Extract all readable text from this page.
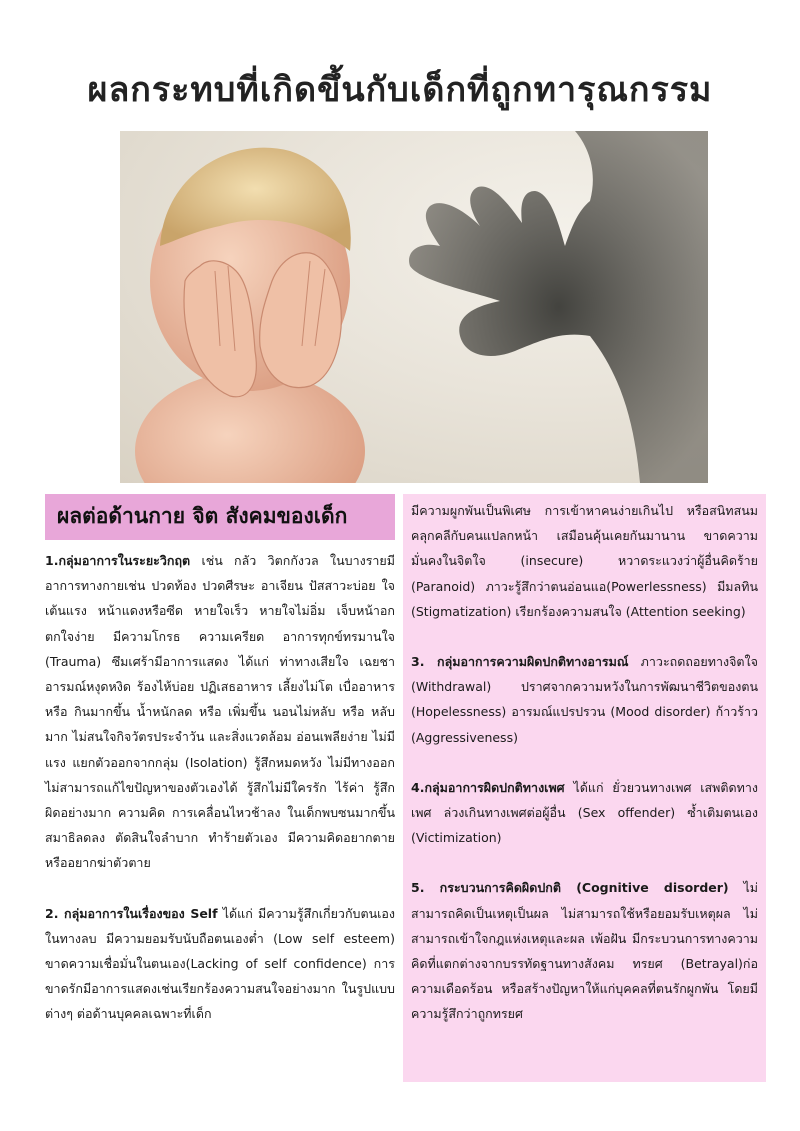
ผลกระทบที่เกิดขึ้นกับเด็กที่ถูกทารุณกรรม
ผลต่อด้านกาย จิต สังคมของเด็ก

1.กลุ่มอาการในระยะวิกฤต เช่น กลัว วิตกกังวล ในบางรายมีอาการทางกายเช่น ปวดท้อง ปวดศีรษะ อาเจียน ปัสสาวะบ่อย ใจเต้นแรง หน้าแดงหรือซีด หายใจเร็ว หายใจไม่อิ่ม เจ็บหน้าอก ตกใจง่าย มีความโกรธ ความเครียด อาการทุกข์ทรมานใจ (Trauma) ซึมเศร้ามีอาการแสดง ได้แก่ ท่าทางเสียใจ เฉยชา อารมณ์หงุดหงิด ร้องไห้บ่อย ปฏิเสธอาหาร เลี้ยงไม่โต เบื่ออาหาร หรือ กินมากขึ้น น้ำหนักลด หรือ เพิ่มขึ้น นอนไม่หลับ หรือ หลับมาก ไม่สนใจกิจวัตรประจำวัน และสิ่งแวดล้อม อ่อนเพลียง่าย ไม่มีแรง แยกตัวออกจากกลุ่ม (Isolation) รู้สึกหมดหวัง ไม่มีทางออก ไม่สามารถแก้ไขปัญหาของตัวเองได้ รู้สึกไม่มีใครรัก ไร้ค่า รู้สึกผิดอย่างมาก ความคิด การเคลื่อนไหวช้าลง ในเด็กพบซนมากขึ้น สมาธิลดลง ตัดสินใจลำบาก ทำร้ายตัวเอง มีความคิดอยากตาย หรืออยากฆ่าตัวตาย

2. กลุ่มอาการในเรื่องของ Self ได้แก่ มีความรู้สึกเกี่ยวกับตนเองในทางลบ มีความยอมรับนับถือตนเองต่ำ (Low self esteem) ขาดความเชื่อมั่นในตนเอง(Lacking of self confidence) การขาดรักมีอาการแสดงเช่นเรียกร้องความสนใจอย่างมาก ในรูปแบบต่างๆ ต่อด้านบุคคลเฉพาะที่เด็ก

มีความผูกพันเป็นพิเศษ การเข้าหาคนง่ายเกินไป หรือสนิทสนมคลุกคลีกับคนแปลกหน้า เสมือนคุ้นเคยกันมานาน ขาดความมั่นคงในจิตใจ (insecure) หวาดระแวงว่าผู้อื่นคิดร้าย (Paranoid) ภาวะรู้สึกว่าตนอ่อนแอ(Powerlessness) มีมลทิน (Stigmatization) เรียกร้องความสนใจ (Attention seeking)

3. กลุ่มอาการความผิดปกติทางอารมณ์ ภาวะถดถอยทางจิตใจ (Withdrawal) ปราศจากความหวังในการพัฒนาชีวิตของตน (Hopelessness) อารมณ์แปรปรวน (Mood disorder) ก้าวร้าว (Aggressiveness)

4.กลุ่มอาการผิดปกติทางเพศ ได้แก่ ยั่วยวนทางเพศ เสพติดทางเพศ ล่วงเกินทางเพศต่อผู้อื่น (Sex offender) ซ้ำเติมตนเอง (Victimization)

5. กระบวนการคิดผิดปกติ (Cognitive disorder) ไม่สามารถคิดเป็นเหตุเป็นผล ไม่สามารถใช้หรือยอมรับเหตุผล ไม่สามารถเข้าใจกฎแห่งเหตุและผล เพ้อฝัน มีกระบวนการทางความคิดที่แตกต่างจากบรรทัดฐานทางสังคม ทรยศ (Betrayal)ก่อความเดือดร้อน หรือสร้างปัญหาให้แก่บุคคลที่ตนรักผูกพัน โดยมีความรู้สึกว่าถูกทรยศ
